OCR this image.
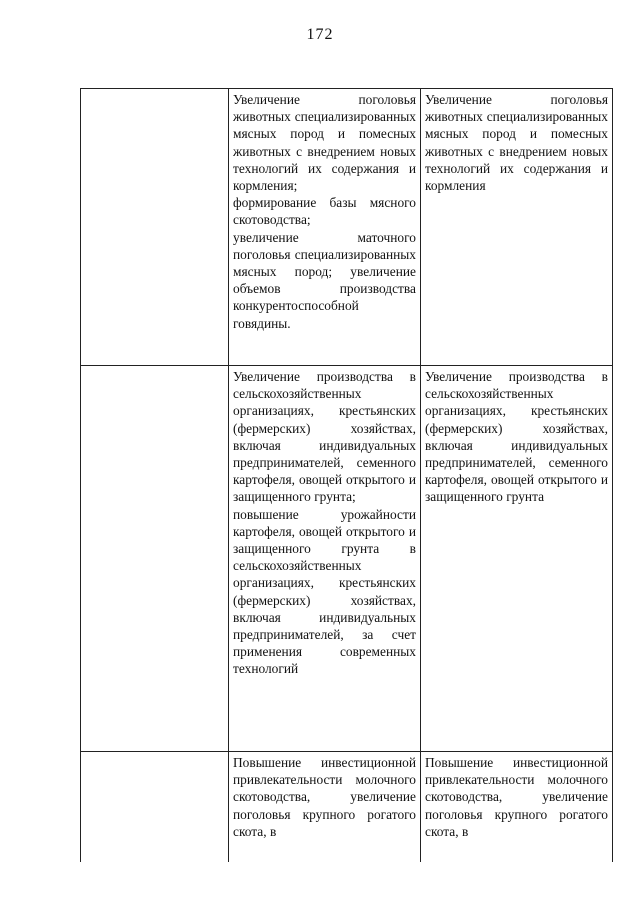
172

	Увеличение поголовья животных специализированных мясных пород и помесных животных с внедрением новых технологий их содержания и кормления;

формирование базы мясного скотоводства;

увеличение маточного поголовья специализированных мясных пород; увеличение объемов производства конкурентоспособной говядины.	Увеличение поголовья животных специализированных мясных пород и помесных животных с внедрением новых технологий их содержания и кормления

	Увеличение производства в сельскохозяйственных организациях, крестьянских (фермерских) хозяйствах, включая индивидуальных предпринимателей, семенного картофеля, овощей открытого и защищенного грунта;

повышение урожайности картофеля, овощей открытого и защищенного грунта в сельскохозяйственных организациях, крестьянских (фермерских) хозяйствах, включая индивидуальных предпринимателей, за счет применения современных технологий	Увеличение производства в сельскохозяйственных организациях, крестьянских (фермерских) хозяйствах, включая индивидуальных предпринимателей, семенного картофеля, овощей открытого и защищенного грунта

	Повышение инвестиционной привлекательности молочного скотоводства, увеличение поголовья крупного рогатого скота, в	Повышение инвестиционной привлекательности молочного скотоводства, увеличение поголовья крупного рогатого скота, в
